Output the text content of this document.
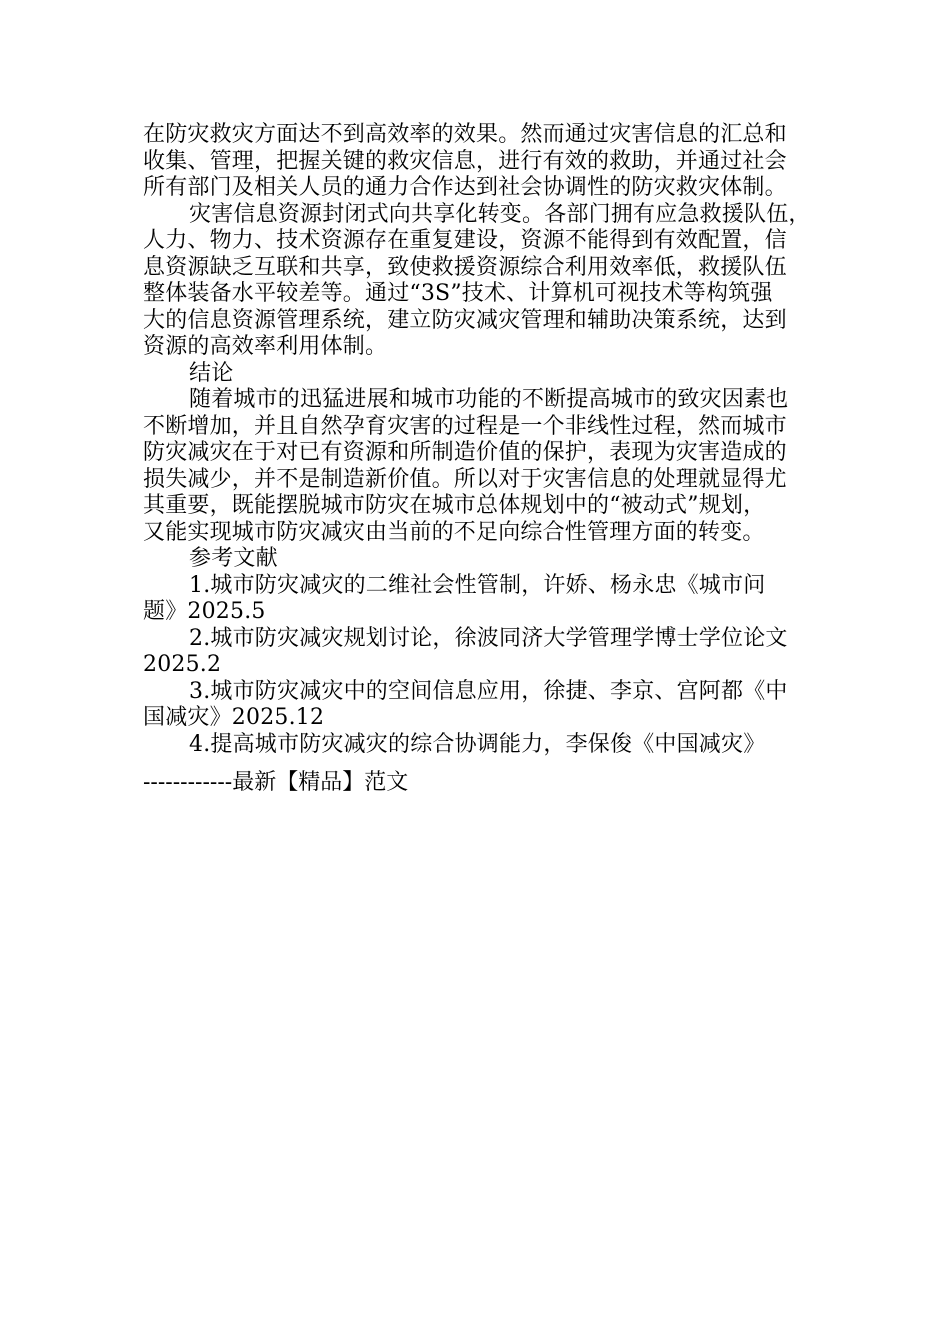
在防灾救灾方面达不到高效率的效果。然而通过灾害信息的汇总和
收集、管理，把握关键的救灾信息，进行有效的救助，并通过社会
所有部门及相关人员的通力合作达到社会协调性的防灾救灾体制。
灾害信息资源封闭式向共享化转变。各部门拥有应急救援队伍，
人力、物力、技术资源存在重复建设，资源不能得到有效配置，信
息资源缺乏互联和共享，致使救援资源综合利用效率低，救援队伍
整体装备水平较差等。通过“3S”技术、计算机可视技术等构筑强
大的信息资源管理系统，建立防灾减灾管理和辅助决策系统，达到
资源的高效率利用体制。
结论
随着城市的迅猛进展和城市功能的不断提高城市的致灾因素也
不断增加，并且自然孕育灾害的过程是一个非线性过程，然而城市
防灾减灾在于对已有资源和所制造价值的保护，表现为灾害造成的
损失减少，并不是制造新价值。所以对于灾害信息的处理就显得尤
其重要，既能摆脱城市防灾在城市总体规划中的“被动式”规划，
又能实现城市防灾减灾由当前的不足向综合性管理方面的转变。
参考文献
1.城市防灾减灾的二维社会性管制，许娇、杨永忠《城市问
题》2025.5
2.城市防灾减灾规划讨论，徐波同济大学管理学博士学位论文
2025.2
3.城市防灾减灾中的空间信息应用，徐捷、李京、宫阿都《中
国减灾》2025.12
4.提高城市防灾减灾的综合协调能力，李保俊《中国减灾》
------------最新【精品】范文
